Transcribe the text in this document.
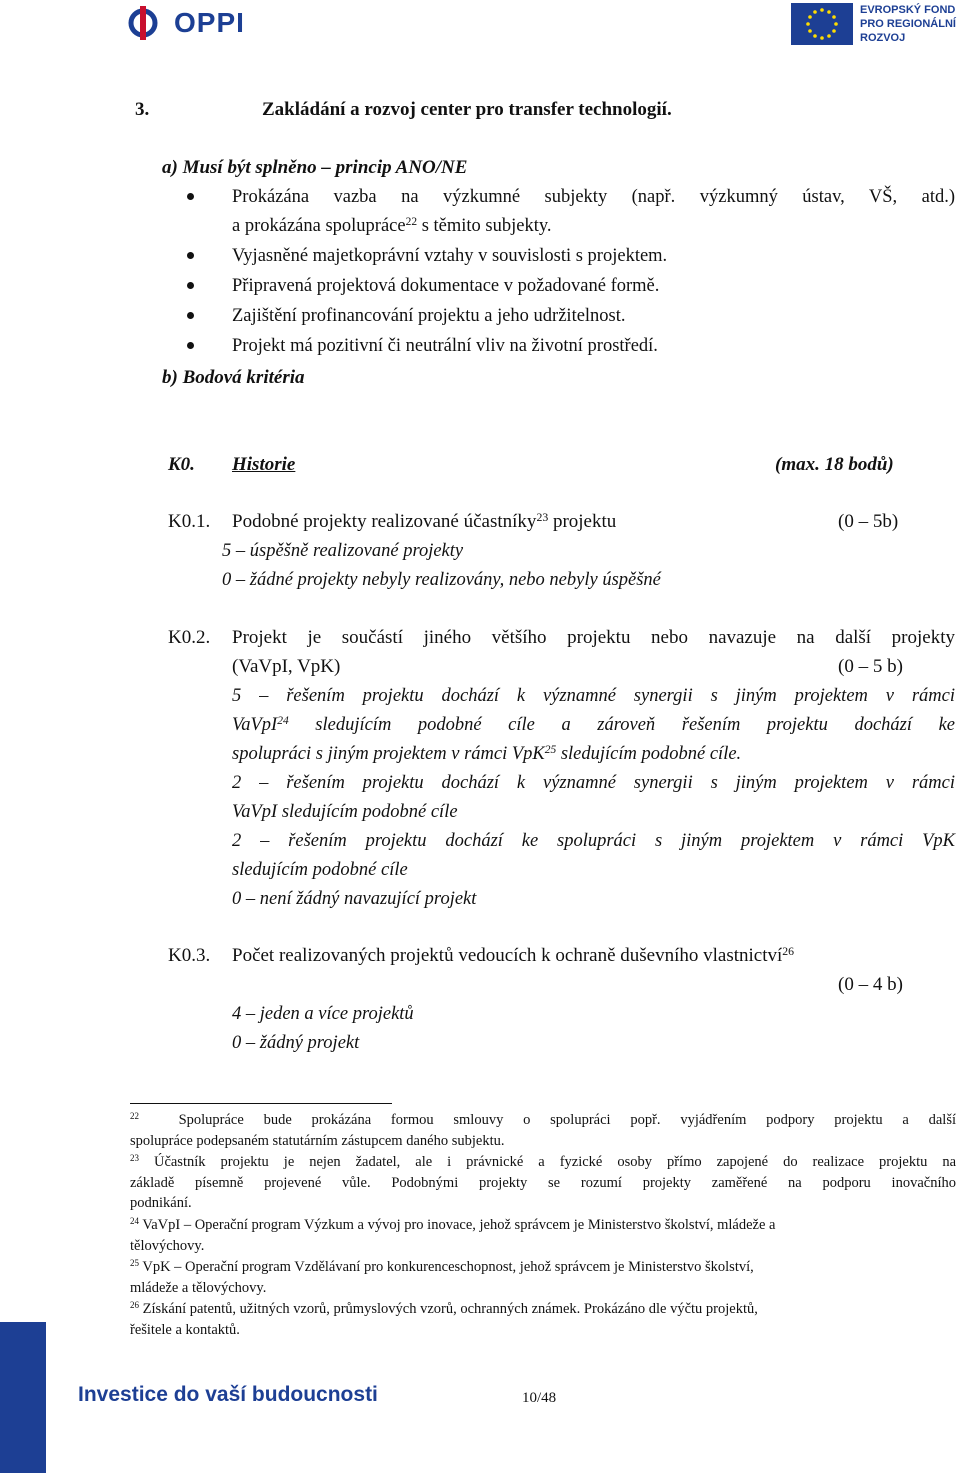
OPPI	EVROPSKÝ FOND
PRO REGIONÁLNÍ
ROZVOJ
3.	Zakládání a rozvoj center pro transfer technologií.
a) Musí být splněno – princip ANO/NE
Prokázána vazba na výzkumné subjekty (např. výzkumný ústav, VŠ, atd.)
a prokázána spolupráce$^{22}$ s těmito subjekty.
Vyjasněné majetkoprávní vztahy v souvislosti s projektem.
Připravená projektová dokumentace v požadované formě.
Zajištění profinancování projektu a jeho udržitelnost.
Projekt má pozitivní či neutrální vliv na životní prostředí.
b) Bodová kritéria
K0. Historie	(max. 18 bodů)
K0.1. Podobné projekty realizované účastníky$^{23}$ projektu	(0 – 5b)
5 – úspěšně realizované projekty
0 – žádné projekty nebyly realizovány, nebo nebyly úspěšné
K0.2. Projekt je součástí jiného většího projektu nebo navazuje na další projekty
(VaVpI, VpK)	(0 – 5 b)
5 – řešením projektu dochází k významné synergii s jiným projektem v rámci
VaVpI$^{24}$ sledujícím podobné cíle a zároveň řešením projektu dochází ke
spolupráci s jiným projektem v rámci VpK$^{25}$ sledujícím podobné cíle.
2 – řešením projektu dochází k významné synergii s jiným projektem v rámci
VaVpI sledujícím podobné cíle
2 – řešením projektu dochází ke spolupráci s jiným projektem v rámci VpK
sledujícím podobné cíle
0 – není žádný navazující projekt
K0.3. Počet realizovaných projektů vedoucích k ochraně duševního vlastnictví$^{26}$
(0 – 4 b)
4 – jeden a více projektů
0 – žádný projekt
$^{22}$	Spolupráce bude prokázána formou smlouvy o spolupráci popř. vyjádřením podpory projektu a další
spolupráce podepsaném statutárním zástupcem daného subjektu.
$^{23}$ Účastník projektu je nejen žadatel, ale i právnické a fyzické osoby přímo zapojené do realizace projektu na
základě písemně projevené vůle. Podobnými projekty se rozumí projekty zaměřené na podporu inovačního
podnikání.
$^{24}$ VaVpI – Operační program Výzkum a vývoj pro inovace, jehož správcem je Ministerstvo školství, mládeže a
tělovýchovy.
$^{25}$ VpK – Operační program Vzdělávaní pro konkurenceschopnost, jehož správcem je Ministerstvo školství,
mládeže a tělovýchovy.
$^{26}$ Získání patentů, užitných vzorů, průmyslových vzorů, ochranných známek. Prokázáno dle výčtu projektů,
řešitele a kontaktů.
Investice do vaší budoucnosti	10/48
